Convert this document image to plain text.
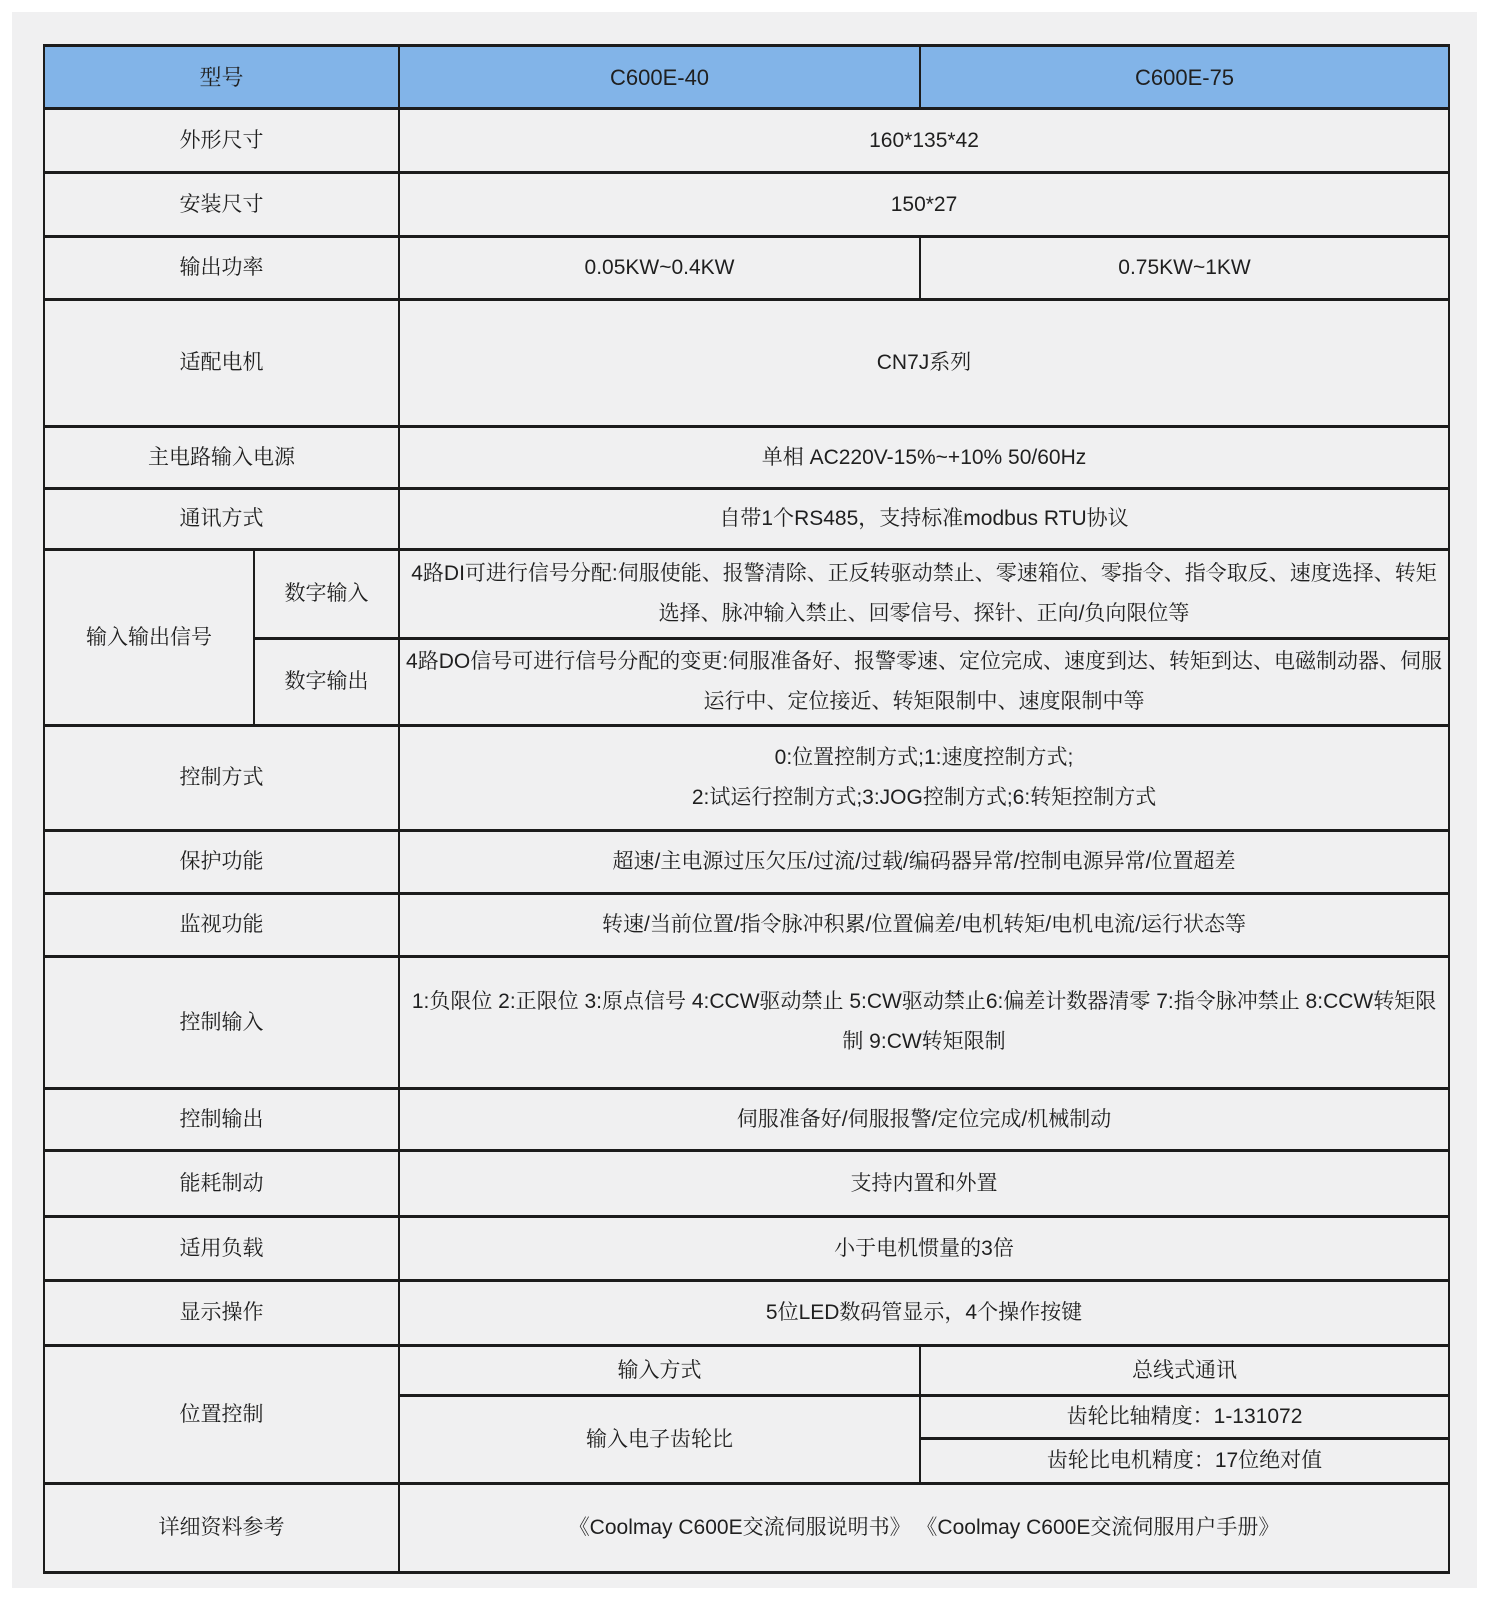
型号		C600E-40	C600E-75
外形尺寸		160*135*42	
安装尺寸		150*27	
输出功率		0.05KW~0.4KW	0.75KW~1KW
适配电机		CN7J系列	
主电路输入电源		单相 AC220V-15%~+10% 50/60Hz	
通讯方式		自带1个RS485，支持标准modbus RTU协议	
输入输出信号	数字输入	4路DI可进行信号分配:伺服使能、报警清除、正反转驱动禁止、零速箱位、零指令、指令取反、速度选择、转矩选择、脉冲输入禁止、回零信号、探针、正向/负向限位等	
	数字输出	4路DO信号可进行信号分配的变更:伺服准备好、报警零速、定位完成、速度到达、转矩到达、电磁制动器、伺服运行中、定位接近、转矩限制中、速度限制中等	
控制方式		0:位置控制方式;1:速度控制方式;
2:试运行控制方式;3:JOG控制方式;6:转矩控制方式	

保护功能		超速/主电源过压欠压/过流/过载/编码器异常/控制电源异常/位置超差	
监视功能		转速/当前位置/指令脉冲积累/位置偏差/电机转矩/电机电流/运行状态等	
控制输入		1:负限位 2:正限位 3:原点信号 4:CCW驱动禁止 5:CW驱动禁止6:偏差计数器清零 7:指令脉冲禁止 8:CCW转矩限制 9:CW转矩限制	
控制输出		伺服准备好/伺服报警/定位完成/机械制动	
能耗制动		支持内置和外置	
适用负载		小于电机惯量的3倍	
显示操作		5位LED数码管显示，4个操作按键	
位置控制		输入方式	总线式通讯
		输入电子齿轮比	齿轮比轴精度：1-131072
			齿轮比电机精度：17位绝对值
详细资料参考		《Coolmay C600E交流伺服说明书》 《Coolmay C600E交流伺服用户手册》	
